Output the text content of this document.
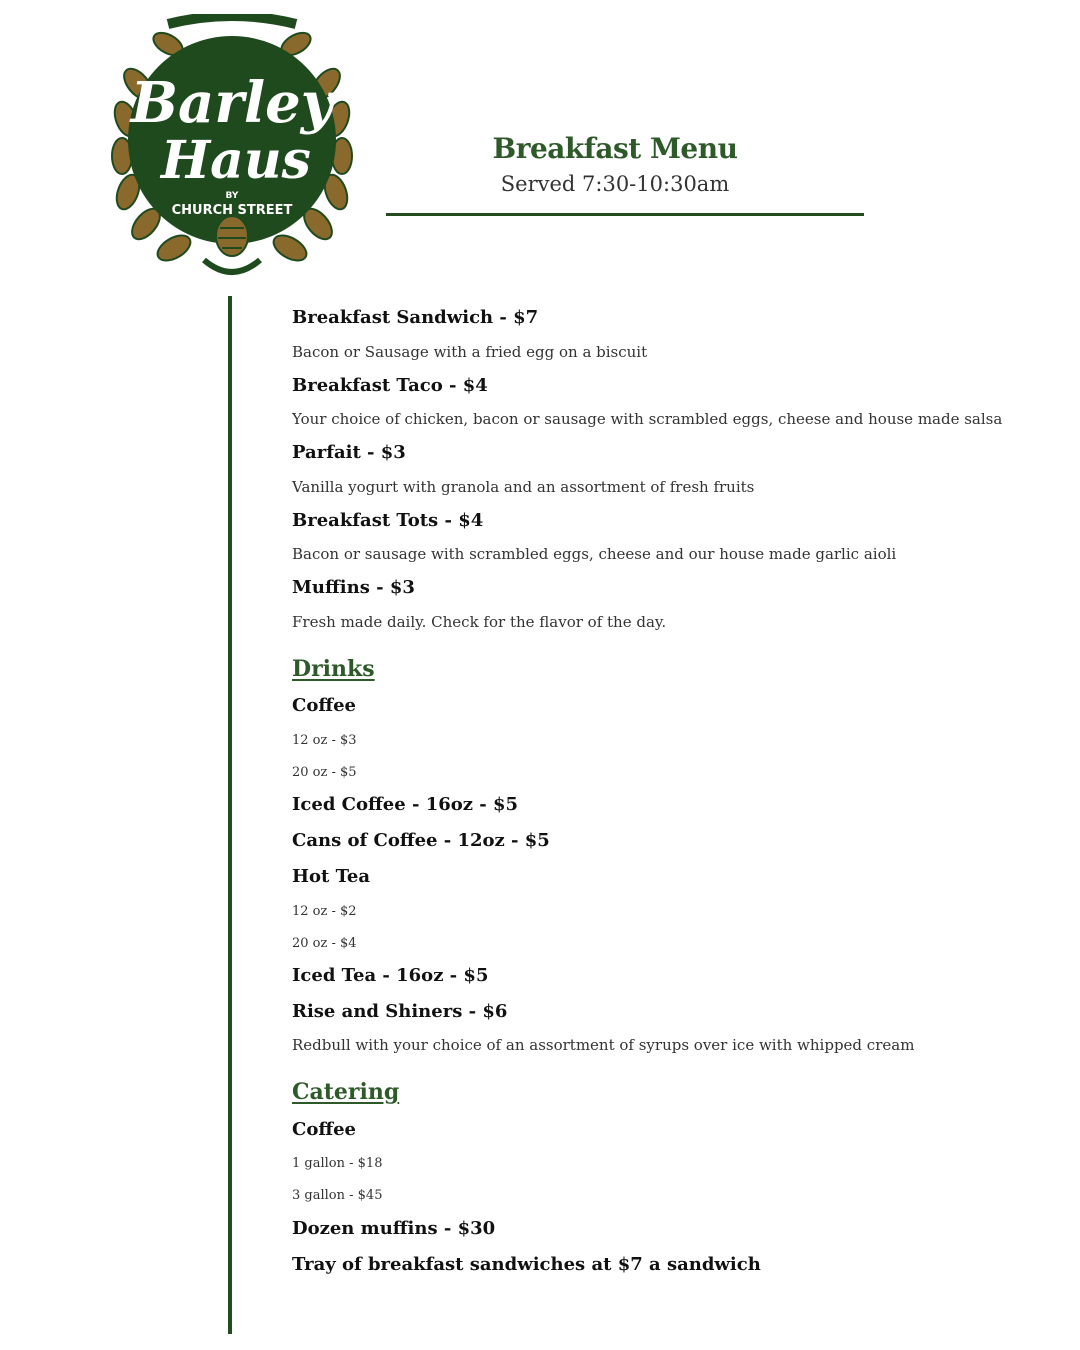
Barley
Haus
BY
CHURCH STREET
Breakfast Menu
Served 7:30-10:30am
Breakfast Sandwich - $7
Bacon or Sausage with a fried egg on a biscuit
Breakfast Taco - $4
Your choice of chicken, bacon or sausage with scrambled eggs, cheese and house made salsa
Parfait - $3
Vanilla yogurt with granola and an assortment of fresh fruits
Breakfast Tots - $4
Bacon or sausage with scrambled eggs, cheese and our house made garlic aioli
Muffins - $3
Fresh made daily. Check for the flavor of the day.
Drinks
Coffee
12 oz - $3
20 oz - $5
Iced Coffee - 16oz - $5
Cans of Coffee - 12oz - $5
Hot Tea
12 oz - $2
20 oz - $4
Iced Tea - 16oz - $5
Rise and Shiners - $6
Redbull with your choice of an assortment of syrups over ice with whipped cream
Catering
Coffee
1 gallon - $18
3 gallon - $45
Dozen muffins - $30
Tray of breakfast sandwiches at $7 a sandwich
